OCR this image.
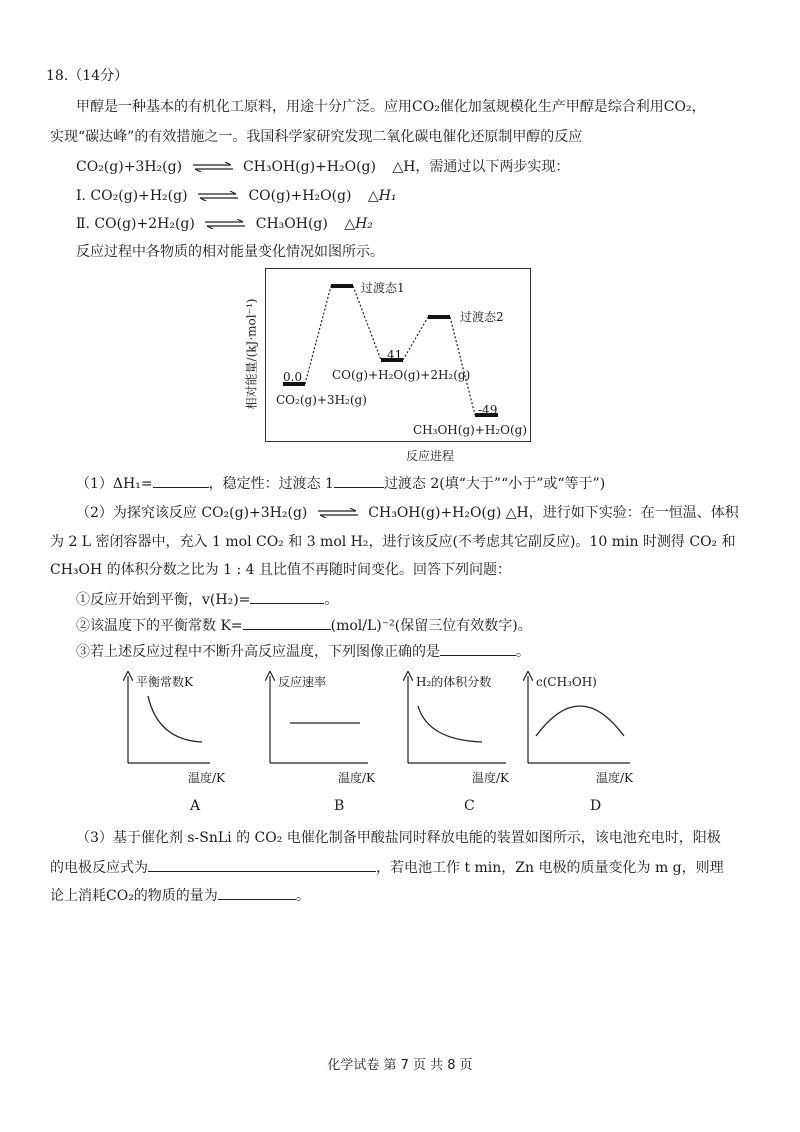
18.（14分）
甲醇是一种基本的有机化工原料，用途十分广泛。应用CO₂催化加氢规模化生产甲醇是综合利用CO₂，
实现“碳达峰”的有效措施之一。我国科学家研究发现二氧化碳电催化还原制甲醇的反应
CO₂(g)+3H₂(g) ⇌ CH₃OH(g)+H₂O(g) △H，需通过以下两步实现：
I. CO₂(g)+H₂(g) ⇌ CO(g)+H₂O(g) △H₁
Ⅱ. CO(g)+2H₂(g) ⇌ CH₃OH(g) △H₂
反应过程中各物质的相对能量变化情况如图所示。
相对能量/(kJ·mol⁻¹) 0.0
CO₂(g)+3H₂(g)
过渡态1
41
CO(g)+H₂O(g)+2H₂(g)
过渡态2
-49
CH₃OH(g)+H₂O(g)
反应进程
（1）ΔH₁=	，稳定性：过渡态 1	过渡态 2(填“大于”“小于”或“等于”)
（2）为探究该反应 CO₂(g)+3H₂(g) ⇌ CH₃OH(g)+H₂O(g) △H，进行如下实验：在一恒温、体积
为 2 L 密闭容器中，充入 1 mol CO₂ 和 3 mol H₂，进行该反应(不考虑其它副反应)。10 min 时测得 CO₂ 和
CH₃OH 的体积分数之比为 1 : 4 且比值不再随时间变化。回答下列问题：
①反应开始到平衡，v(H₂)=	。
②该温度下的平衡常数 K=	(mol/L)⁻²(保留三位有效数字)。
③若上述反应过程中不断升高反应温度，下列图像正确的是	。
平衡常数K	反应速率	H₂的体积分数	c(CH₃OH)
温度/K	温度/K	温度/K	温度/K
A	B	C	D
（3）基于催化剂 s-SnLi 的 CO₂ 电催化制备甲酸盐同时释放电能的装置如图所示，该电池充电时，阳极
的电极反应式为	，若电池工作 t min，Zn 电极的质量变化为 m g，则理
论上消耗CO₂的物质的量为	。
化学试卷 第 7 页 共 8 页
